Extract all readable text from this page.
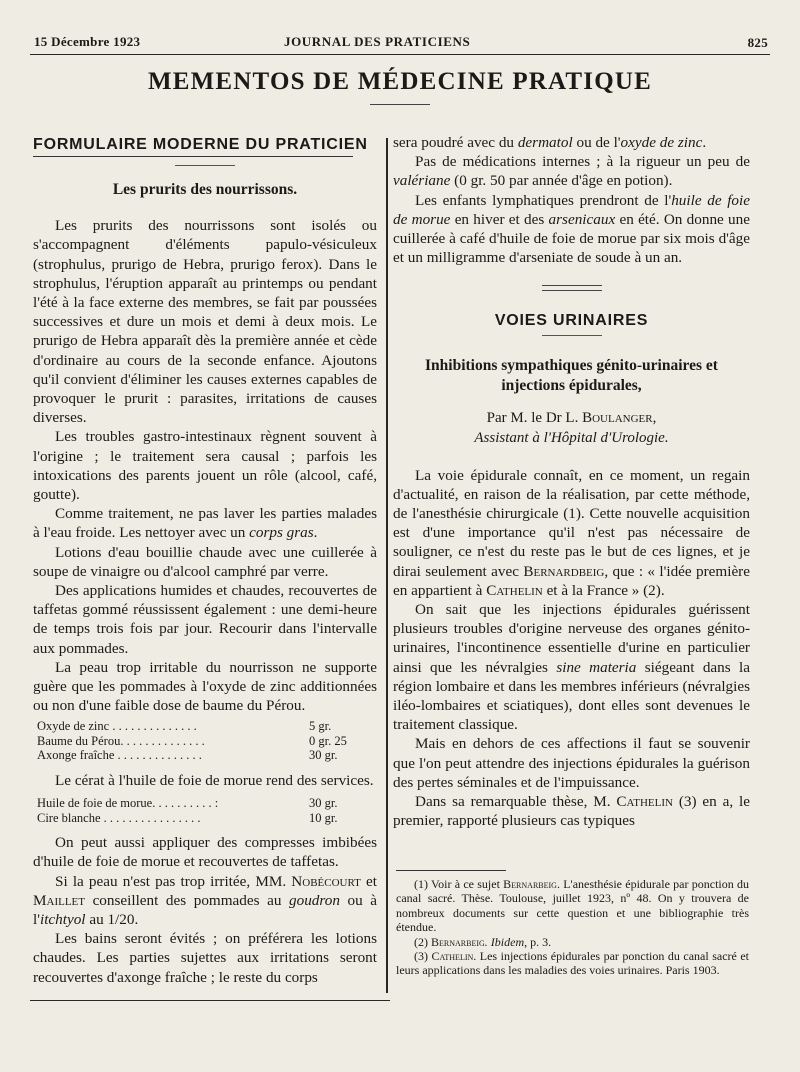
15 Décembre 1923	JOURNAL DES PRATICIENS	825
MEMENTOS DE MÉDECINE PRATIQUE
FORMULAIRE MODERNE DU PRATICIEN
Les prurits des nourrissons.

Les prurits des nourrissons sont isolés ou s'accompagnent d'éléments papulo-vésiculeux (strophulus, prurigo de Hebra, prurigo ferox). Dans le strophulus, l'éruption apparaît au printemps ou pendant l'été à la face externe des membres, se fait par poussées successives et dure un mois et demi à deux mois. Le prurigo de Hebra apparaît dès la première année et cède d'ordinaire au cours de la seconde enfance. Ajoutons qu'il convient d'éliminer les causes externes capables de provoquer le prurit : parasites, irritations de causes diverses.

Les troubles gastro-intestinaux règnent souvent à l'origine ; le traitement sera causal ; parfois les intoxications des parents jouent un rôle (alcool, café, goutte).

Comme traitement, ne pas laver les parties malades à l'eau froide. Les nettoyer avec un corps gras.

Lotions d'eau bouillie chaude avec une cuillerée à soupe de vinaigre ou d'alcool camphré par verre.

Des applications humides et chaudes, recouvertes de taffetas gommé réussissent également : une demi-heure de temps trois fois par jour. Recourir dans l'intervalle aux pommades.

La peau trop irritable du nourrisson ne supporte guère que les pommades à l'oxyde de zinc additionnées ou non d'une faible dose de baume du Pérou.

Oxyde de zinc . . . . . . . . . . . . . .	5 gr.
Baume du Pérou. . . . . . . . . . . . . .	0 gr. 25
Axonge fraîche . . . . . . . . . . . . . .	30 gr.

Le cérat à l'huile de foie de morue rend des services.

Huile de foie de morue. . . . . . . . . . :	30 gr.
Cire blanche . . . . . . . . . . . . . . . .	10 gr.

On peut aussi appliquer des compresses imbibées d'huile de foie de morue et recouvertes de taffetas.

Si la peau n'est pas trop irritée, MM. Nobécourt et Maillet conseillent des pommades au goudron ou à l'itchtyol au 1/20.

Les bains seront évités ; on préférera les lotions chaudes. Les parties sujettes aux irritations seront recouvertes d'axonge fraîche ; le reste du corps

sera poudré avec du dermatol ou de l'oxyde de zinc.

Pas de médications internes ; à la rigueur un peu de valériane (0 gr. 50 par année d'âge en potion).

Les enfants lymphatiques prendront de l'huile de foie de morue en hiver et des arsenicaux en été. On donne une cuillerée à café d'huile de foie de morue par six mois d'âge et un milligramme d'arseniate de soude à un an.

VOIES URINAIRES
Inhibitions sympathiques génito-urinaires et injections épidurales,
Par M. le Dr L. Boulanger,
Assistant à l'Hôpital d'Urologie.

La voie épidurale connaît, en ce moment, un regain d'actualité, en raison de la réalisation, par cette méthode, de l'anesthésie chirurgicale (1). Cette nouvelle acquisition est d'une importance qu'il n'est pas nécessaire de souligner, ce n'est du reste pas le but de ces lignes, et je dirai seulement avec Bernardbeig, que : « l'idée première en appartient à Cathelin et à la France » (2).

On sait que les injections épidurales guérissent plusieurs troubles d'origine nerveuse des organes génito-urinaires, l'incontinence essentielle d'urine en particulier ainsi que les névralgies sine materia siégeant dans la région lombaire et dans les membres inférieurs (névralgies iléo-lombaires et sciatiques), dont elles sont devenues le traitement classique.

Mais en dehors de ces affections il faut se souvenir que l'on peut attendre des injections épidurales la guérison des pertes séminales et de l'impuissance.

Dans sa remarquable thèse, M. Cathelin (3) en a, le premier, rapporté plusieurs cas typiques

(1) Voir à ce sujet Bernarbeig. L'anesthésie épidurale par ponction du canal sacré. Thèse. Toulouse, juillet 1923, nº 48. On y trouvera de nombreux documents sur cette question et une bibliographie très étendue.

(2) Bernarbeig. Ibidem, p. 3.

(3) Cathelin. Les injections épidurales par ponction du canal sacré et leurs applications dans les maladies des voies urinaires. Paris 1903.
